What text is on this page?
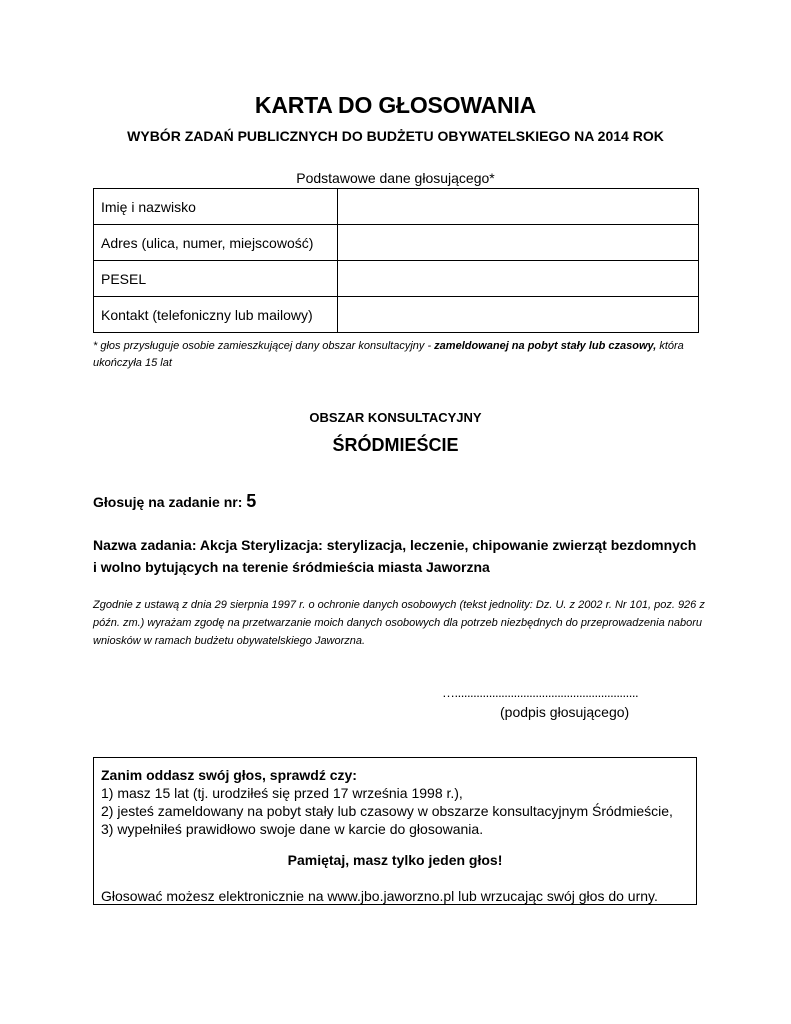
KARTA DO GŁOSOWANIA
WYBÓR ZADAŃ PUBLICZNYCH DO BUDŻETU OBYWATELSKIEGO NA 2014 ROK
Podstawowe dane głosującego*
Imię i nazwisko	
Adres (ulica, numer, miejscowość)	
PESEL	
Kontakt (telefoniczny lub mailowy)	
* głos przysługuje osobie zamieszkującej dany obszar konsultacyjny - zameldowanej na pobyt stały lub czasowy, która ukończyła 15 lat
OBSZAR KONSULTACYJNY
ŚRÓDMIEŚCIE
Głosuję na zadanie nr: 5
Nazwa zadania: Akcja Sterylizacja: sterylizacja, leczenie, chipowanie zwierząt bezdomnych i wolno bytujących na terenie śródmieścia miasta Jaworzna
Zgodnie z ustawą z dnia 29 sierpnia 1997 r. o ochronie danych osobowych (tekst jednolity: Dz. U. z 2002 r. Nr 101, poz. 926 z późn. zm.) wyrażam zgodę na przetwarzanie moich danych osobowych dla potrzeb niezbędnych do przeprowadzenia naboru wniosków w ramach budżetu obywatelskiego Jaworzna.
…...........................................................
(podpis głosującego)
Zanim oddasz swój głos, sprawdź czy:
1) masz 15 lat (tj. urodziłeś się przed 17 września 1998 r.),
2) jesteś zameldowany na pobyt stały lub czasowy w obszarze konsultacyjnym Śródmieście,
3) wypełniłeś prawidłowo swoje dane w karcie do głosowania.
Pamiętaj, masz tylko jeden głos!
Głosować możesz elektronicznie na www.jbo.jaworzno.pl lub wrzucając swój głos do urny.
